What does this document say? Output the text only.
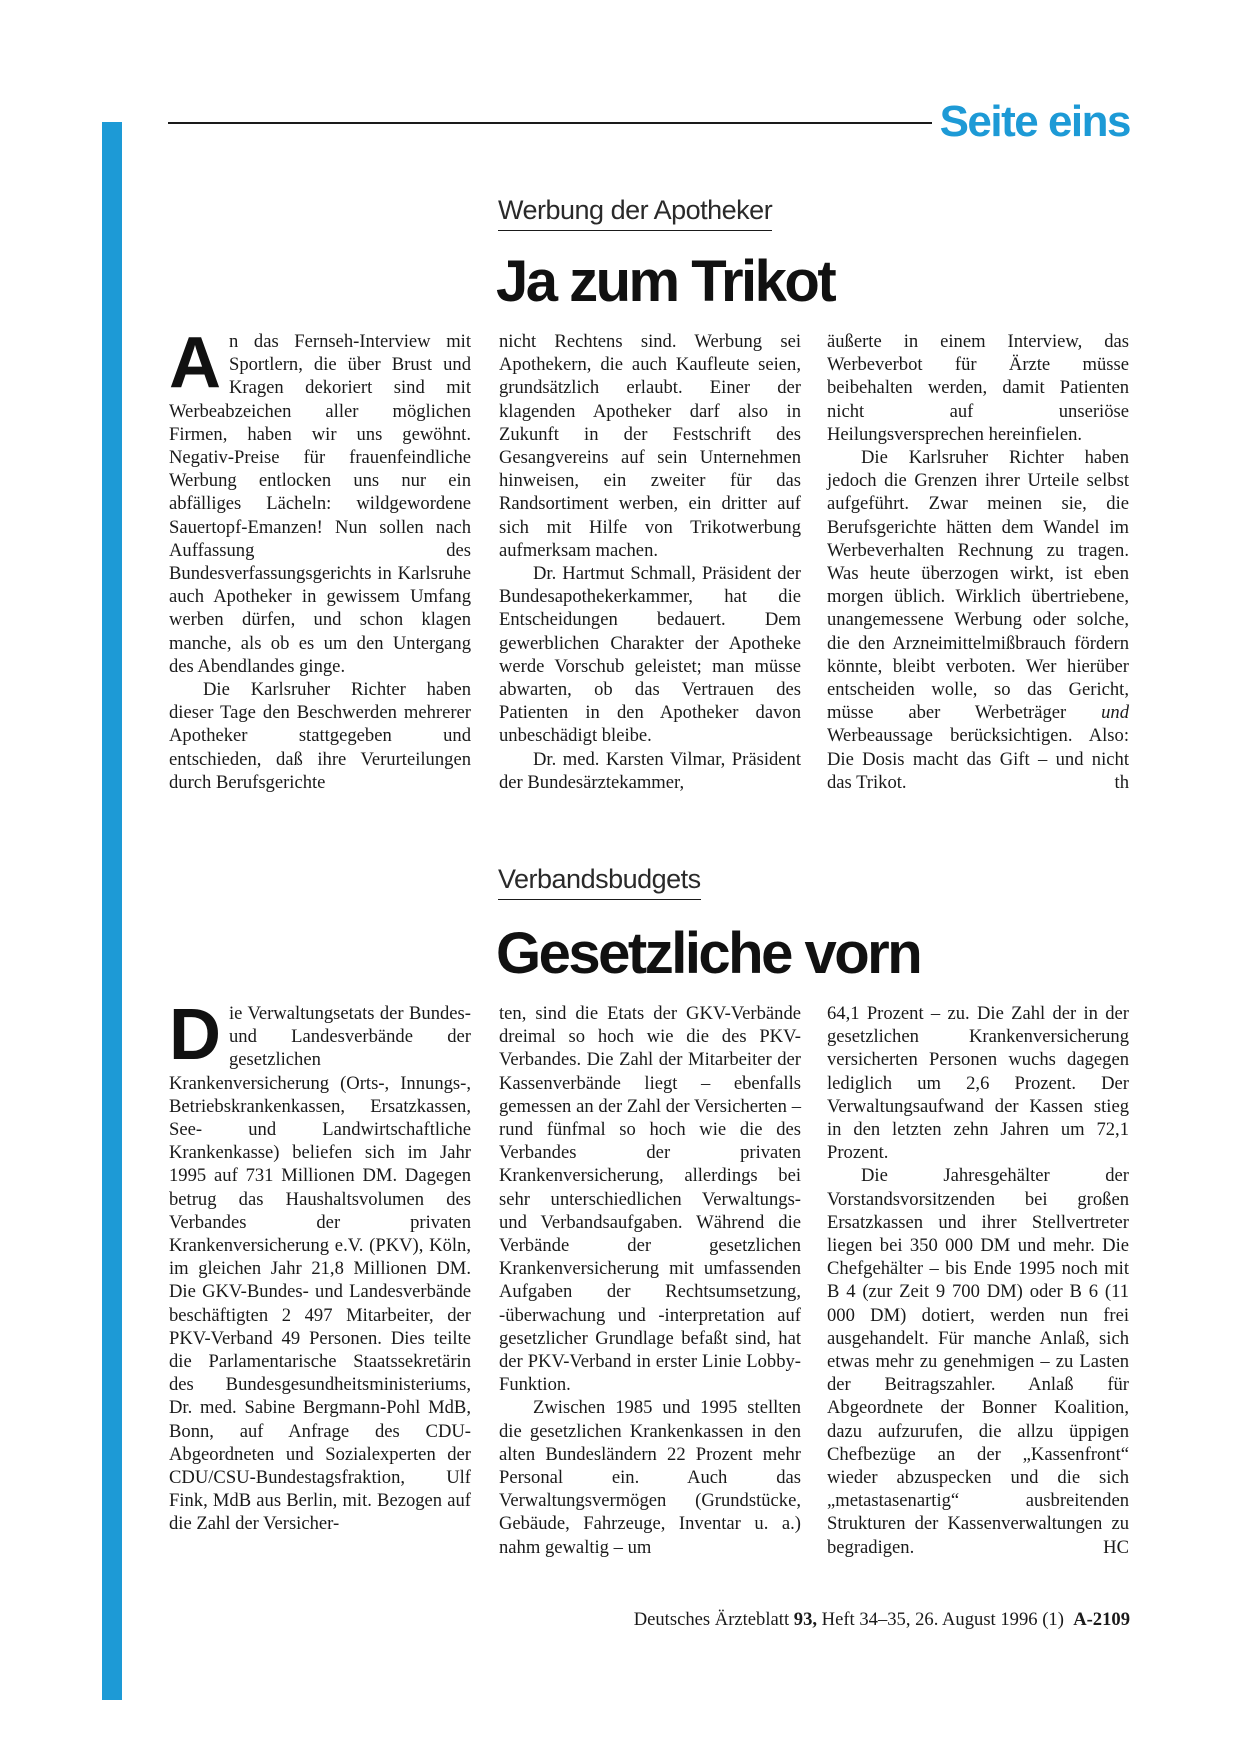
Seite eins
Werbung der Apotheker
Ja zum Trikot

An das Fernseh-Interview mit Sportlern, die über Brust und Kragen dekoriert sind mit Werbeabzeichen aller möglichen Firmen, haben wir uns gewöhnt. Negativ-Preise für frauenfeindliche Werbung entlocken uns nur ein abfälliges Lächeln: wildgewordene Sauertopf-Emanzen! Nun sollen nach Auffassung des Bundesverfassungsgerichts in Karlsruhe auch Apotheker in gewissem Umfang werben dürfen, und schon klagen manche, als ob es um den Untergang des Abendlandes ginge.

Die Karlsruher Richter haben dieser Tage den Beschwerden mehrerer Apotheker stattgegeben und entschieden, daß ihre Verurteilungen durch Berufsgerichte

nicht Rechtens sind. Werbung sei Apothekern, die auch Kaufleute seien, grundsätzlich erlaubt. Einer der klagenden Apotheker darf also in Zukunft in der Festschrift des Gesangvereins auf sein Unternehmen hinweisen, ein zweiter für das Randsortiment werben, ein dritter auf sich mit Hilfe von Trikotwerbung aufmerksam machen.

Dr. Hartmut Schmall, Präsident der Bundesapothekerkammer, hat die Entscheidungen bedauert. Dem gewerblichen Charakter der Apotheke werde Vorschub geleistet; man müsse abwarten, ob das Vertrauen des Patienten in den Apotheker davon unbeschädigt bleibe.

Dr. med. Karsten Vilmar, Präsident der Bundesärztekammer,

äußerte in einem Interview, das Werbeverbot für Ärzte müsse beibehalten werden, damit Patienten nicht auf unseriöse Heilungsversprechen hereinfielen.

Die Karlsruher Richter haben jedoch die Grenzen ihrer Urteile selbst aufgeführt. Zwar meinen sie, die Berufsgerichte hätten dem Wandel im Werbeverhalten Rechnung zu tragen. Was heute überzogen wirkt, ist eben morgen üblich. Wirklich übertriebene, unangemessene Werbung oder solche, die den Arzneimittelmißbrauch fördern könnte, bleibt verboten. Wer hierüber entscheiden wolle, so das Gericht, müsse aber Werbeträger und Werbeaussage berücksichtigen. Also: Die Dosis macht das Gift – und nicht das Trikot.	th

Verbandsbudgets
Gesetzliche vorn

Die Verwaltungsetats der Bundes- und Landesverbände der gesetzlichen Krankenversicherung (Orts-, Innungs-, Betriebskrankenkassen, Ersatzkassen, See- und Landwirtschaftliche Krankenkasse) beliefen sich im Jahr 1995 auf 731 Millionen DM. Dagegen betrug das Haushaltsvolumen des Verbandes der privaten Krankenversicherung e.V. (PKV), Köln, im gleichen Jahr 21,8 Millionen DM. Die GKV-Bundes- und Landesverbände beschäftigten 2 497 Mitarbeiter, der PKV-Verband 49 Personen. Dies teilte die Parlamentarische Staatssekretärin des Bundesgesundheitsministeriums, Dr. med. Sabine Bergmann-Pohl MdB, Bonn, auf Anfrage des CDU-Abgeordneten und Sozialexperten der CDU/CSU-Bundestagsfraktion, Ulf Fink, MdB aus Berlin, mit. Bezogen auf die Zahl der Versicher-

ten, sind die Etats der GKV-Verbände dreimal so hoch wie die des PKV-Verbandes. Die Zahl der Mitarbeiter der Kassenverbände liegt – ebenfalls gemessen an der Zahl der Versicherten – rund fünfmal so hoch wie die des Verbandes der privaten Krankenversicherung, allerdings bei sehr unterschiedlichen Verwaltungs- und Verbandsaufgaben. Während die Verbände der gesetzlichen Krankenversicherung mit umfassenden Aufgaben der Rechtsumsetzung, -überwachung und -interpretation auf gesetzlicher Grundlage befaßt sind, hat der PKV-Verband in erster Linie Lobby-Funktion.

Zwischen 1985 und 1995 stellten die gesetzlichen Krankenkassen in den alten Bundesländern 22 Prozent mehr Personal ein. Auch das Verwaltungsvermögen (Grundstücke, Gebäude, Fahrzeuge, Inventar u. a.) nahm gewaltig – um

64,1 Prozent – zu. Die Zahl der in der gesetzlichen Krankenversicherung versicherten Personen wuchs dagegen lediglich um 2,6 Prozent. Der Verwaltungsaufwand der Kassen stieg in den letzten zehn Jahren um 72,1 Prozent.

Die Jahresgehälter der Vorstandsvorsitzenden bei großen Ersatzkassen und ihrer Stellvertreter liegen bei 350 000 DM und mehr. Die Chefgehälter – bis Ende 1995 noch mit B 4 (zur Zeit 9 700 DM) oder B 6 (11 000 DM) dotiert, werden nun frei ausgehandelt. Für manche Anlaß, sich etwas mehr zu genehmigen – zu Lasten der Beitragszahler. Anlaß für Abgeordnete der Bonner Koalition, dazu aufzurufen, die allzu üppigen Chefbezüge an der „Kassenfront“ wieder abzuspecken und die sich „metastasenartig“ ausbreitenden Strukturen der Kassenverwaltungen zu begradigen.	HC

Deutsches Ärzteblatt 93, Heft 34–35, 26. August 1996 (1) A-2109
